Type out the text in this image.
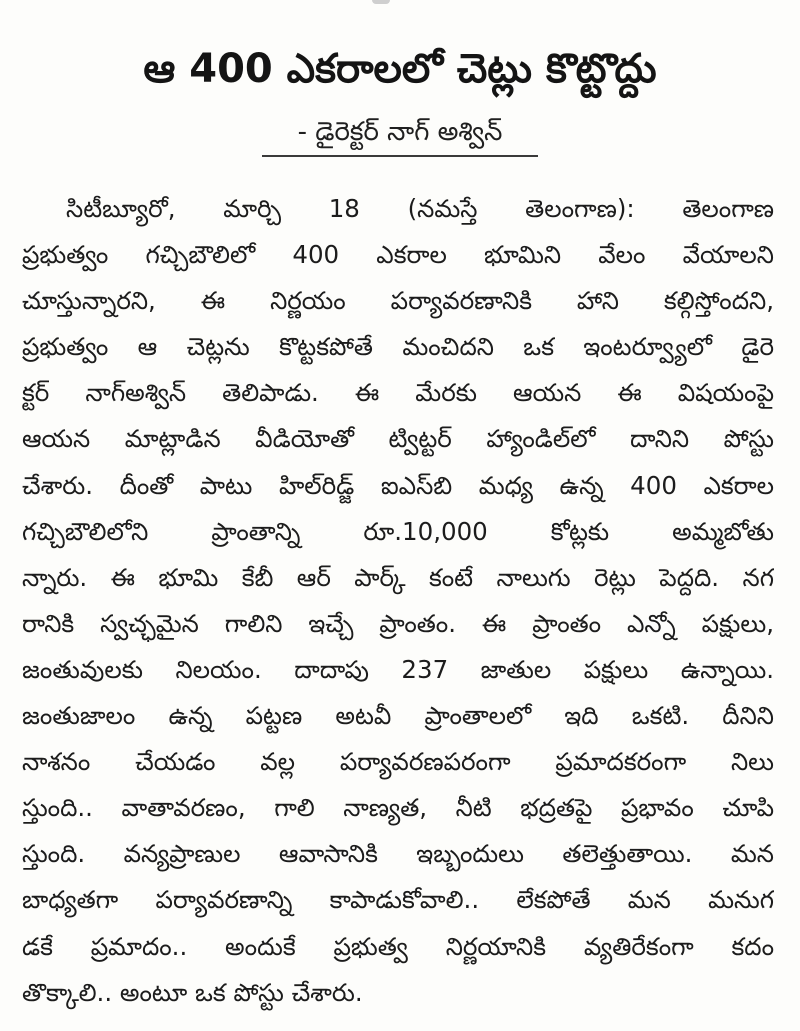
ఆ 400 ఎకరాలలో చెట్లు కొట్టొద్దు
- డైరెక్టర్ నాగ్ అశ్విన్
సిటీబ్యూరో, మార్చి 18 (నమస్తే తెలంగాణ): తెలంగాణ
ప్రభుత్వం గచ్చిబౌలిలో 400 ఎకరాల భూమిని వేలం వేయాలని
చూస్తున్నారని, ఈ నిర్ణయం పర్యావరణానికి హాని కల్గిస్తోందని,
ప్రభుత్వం ఆ చెట్లను కొట్టకపోతే మంచిదని ఒక ఇంటర్వ్యూలో డైరె
క్టర్ నాగ్అశ్విన్ తెలిపాడు. ఈ మేరకు ఆయన ఈ విషయంపై
ఆయన మాట్లాడిన వీడియోతో ట్విట్టర్ హ్యాండిల్‌లో దానిని పోస్టు
చేశారు. దీంతో పాటు హిల్‌రిడ్జ్ ఐఎస్‌బి మధ్య ఉన్న 400 ఎకరాల
గచ్చిబౌలిలోని ప్రాంతాన్ని రూ.10,000 కోట్లకు అమ్మబోతు
న్నారు. ఈ భూమి కేబీ ఆర్ పార్క్ కంటే నాలుగు రెట్లు పెద్దది. నగ
రానికి స్వచ్ఛమైన గాలిని ఇచ్చే ప్రాంతం. ఈ ప్రాంతం ఎన్నో పక్షులు,
జంతువులకు నిలయం. దాదాపు 237 జాతుల పక్షులు ఉన్నాయి.
జంతుజాలం ఉన్న పట్టణ అటవీ ప్రాంతాలలో ఇది ఒకటి. దీనిని
నాశనం చేయడం వల్ల పర్యావరణపరంగా ప్రమాదకరంగా నిలు
స్తుంది.. వాతావరణం, గాలి నాణ్యత, నీటి భద్రతపై ప్రభావం చూపి
స్తుంది. వన్యప్రాణుల ఆవాసానికి ఇబ్బందులు తలెత్తుతాయి. మన
బాధ్యతగా పర్యావరణాన్ని కాపాడుకోవాలి.. లేకపోతే మన మనుగ
డకే ప్రమాదం.. అందుకే ప్రభుత్వ నిర్ణయానికి వ్యతిరేకంగా కదం
తొక్కాలి.. అంటూ ఒక పోస్టు చేశారు.
